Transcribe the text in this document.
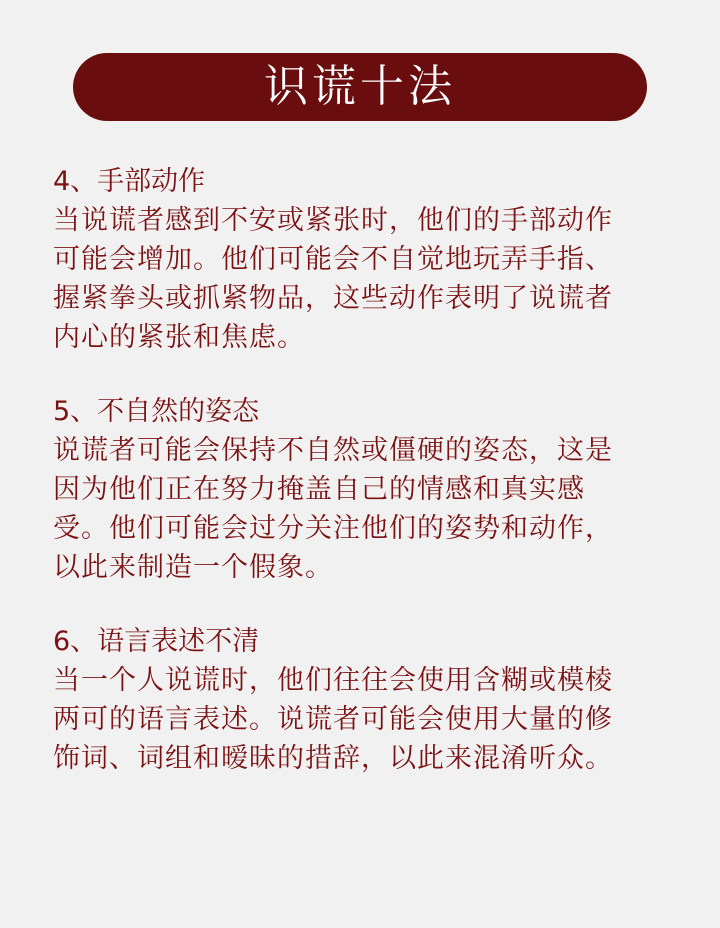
识谎十法

4、手部动作

当说谎者感到不安或紧张时，他们的手部动作

可能会增加。他们可能会不自觉地玩弄手指、

握紧拳头或抓紧物品，这些动作表明了说谎者

内心的紧张和焦虑。

5、不自然的姿态

说谎者可能会保持不自然或僵硬的姿态，这是

因为他们正在努力掩盖自己的情感和真实感

受。他们可能会过分关注他们的姿势和动作，

以此来制造一个假象。

6、语言表述不清

当一个人说谎时，他们往往会使用含糊或模棱

两可的语言表述。说谎者可能会使用大量的修

饰词、词组和暧昧的措辞，以此来混淆听众。
